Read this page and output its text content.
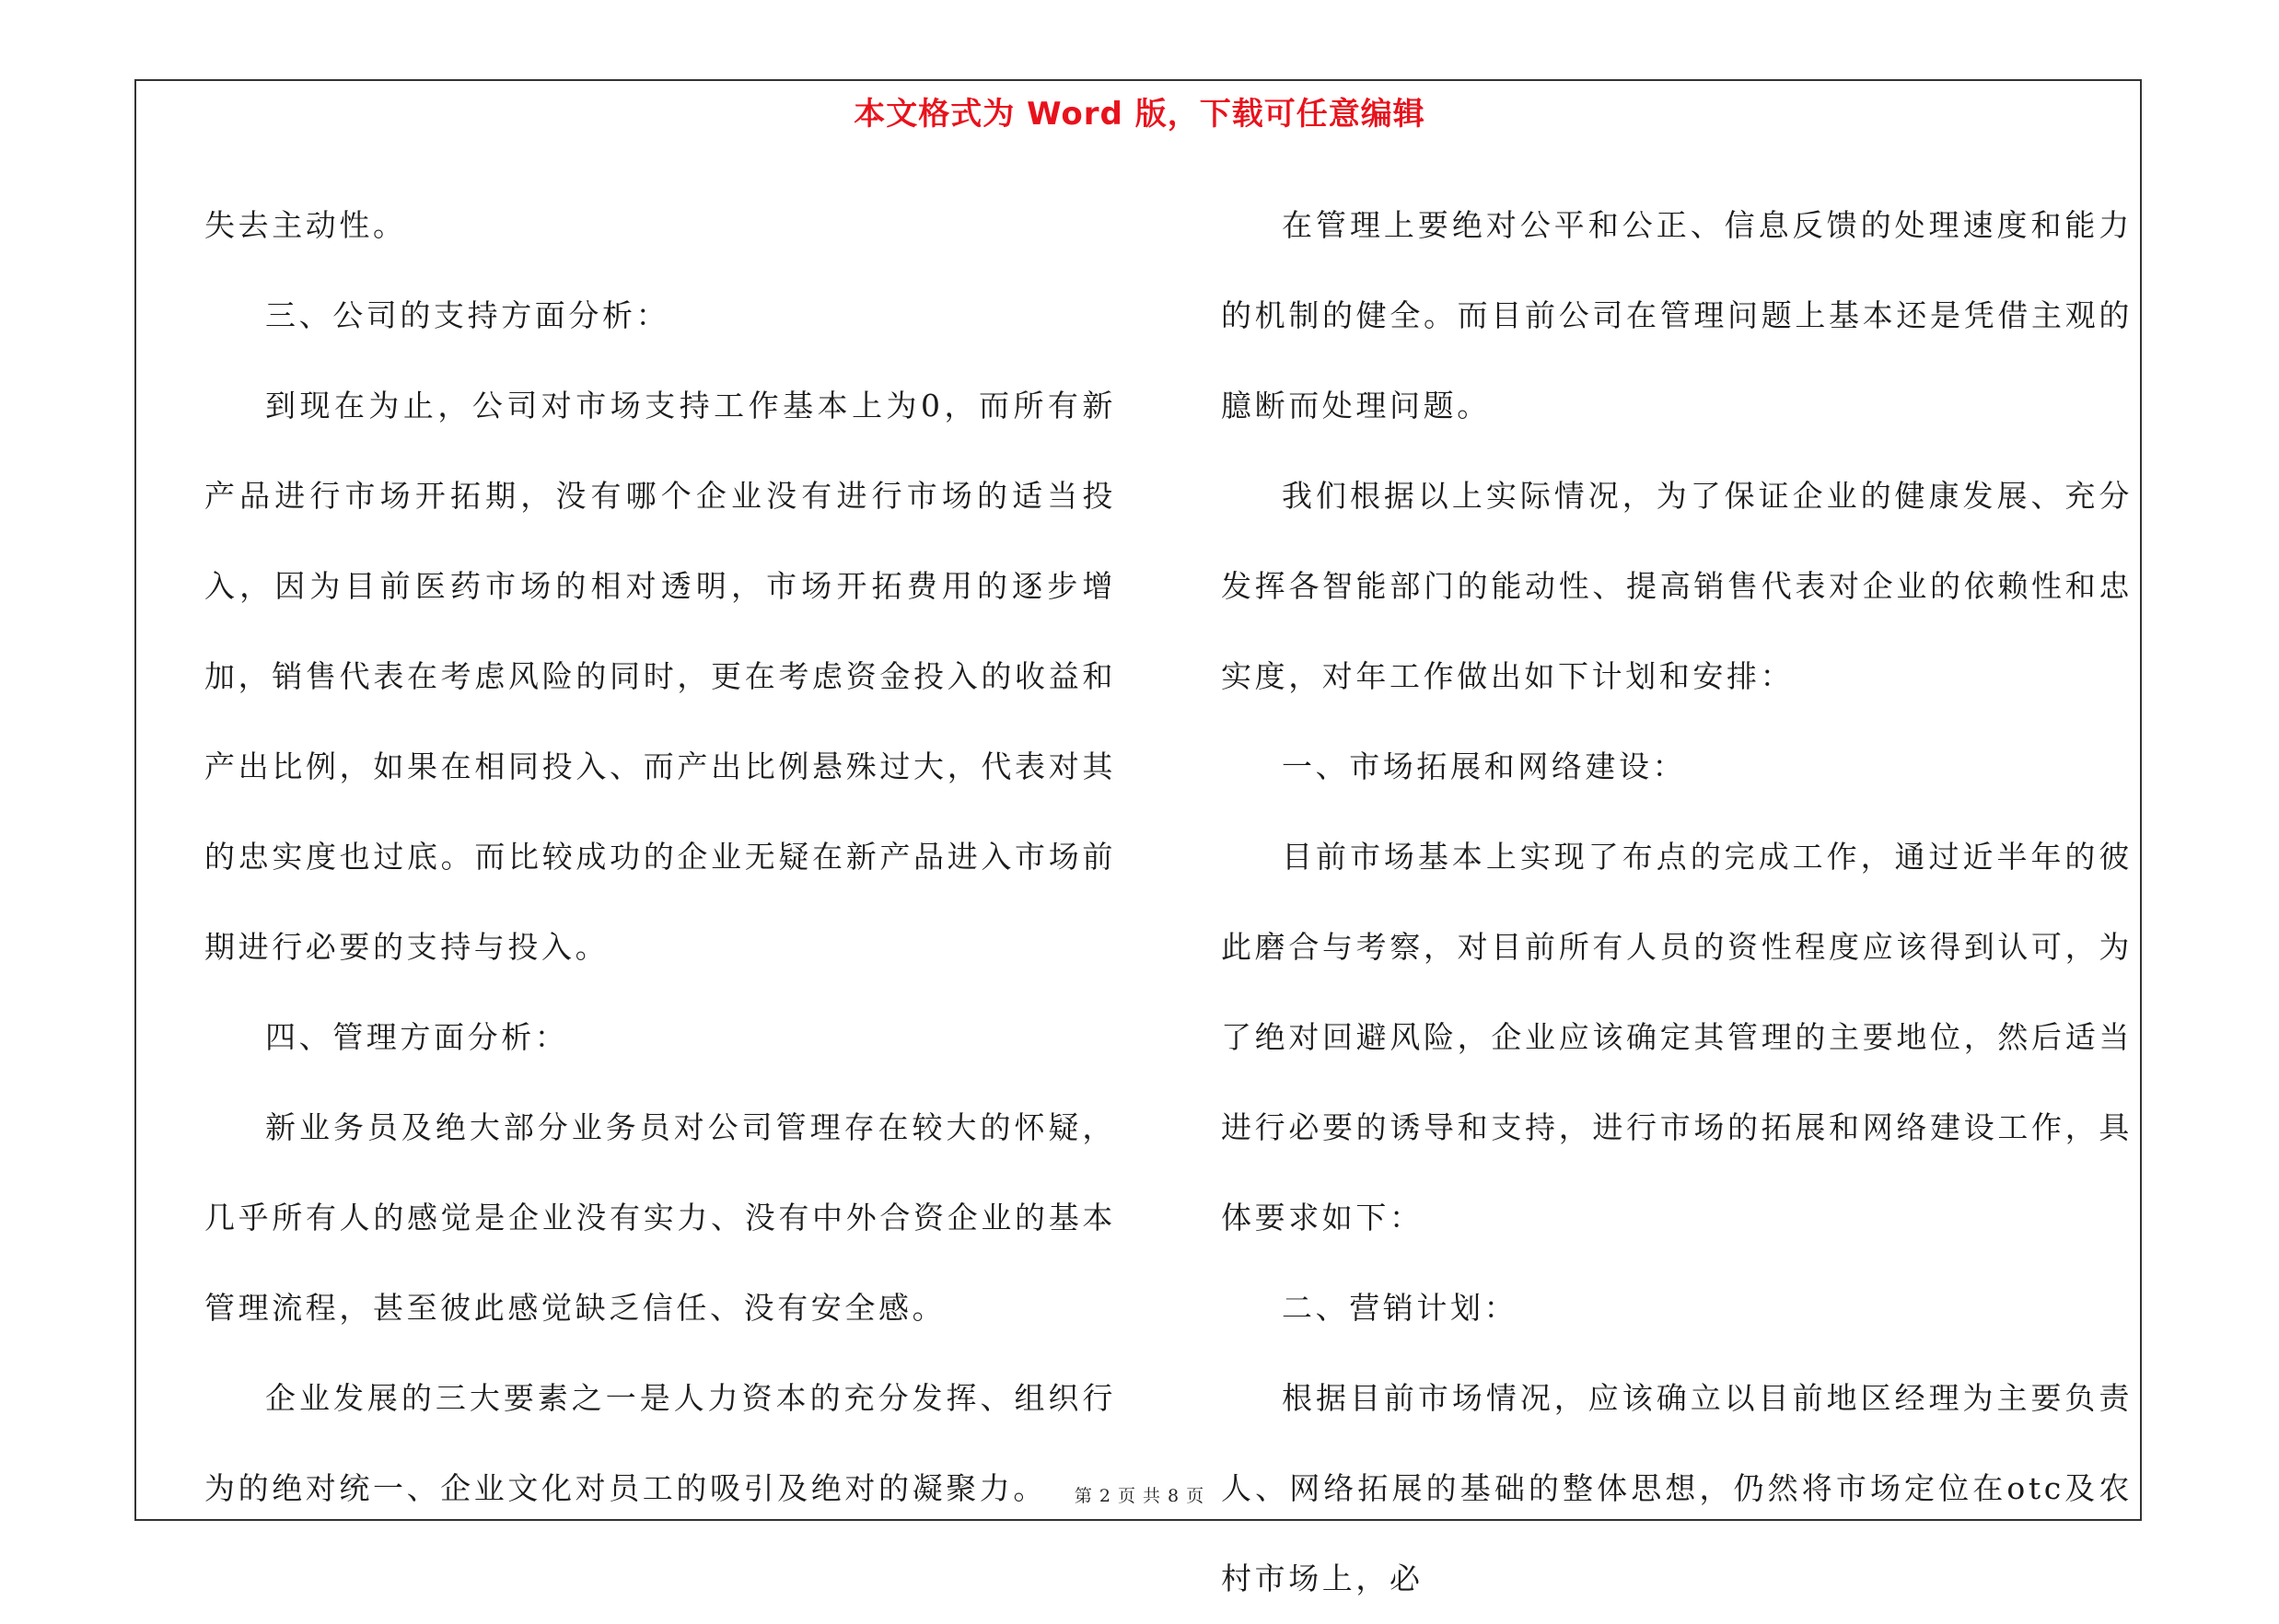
本文格式为 Word 版，下载可任意编辑

失去主动性。

三、公司的支持方面分析：

到现在为止，公司对市场支持工作基本上为0，而所有新产品进行市场开拓期，没有哪个企业没有进行市场的适当投入，因为目前医药市场的相对透明，市场开拓费用的逐步增加，销售代表在考虑风险的同时，更在考虑资金投入的收益和产出比例，如果在相同投入、而产出比例悬殊过大，代表对其的忠实度也过底。而比较成功的企业无疑在新产品进入市场前期进行必要的支持与投入。

四、管理方面分析：

新业务员及绝大部分业务员对公司管理存在较大的怀疑，几乎所有人的感觉是企业没有实力、没有中外合资企业的基本管理流程，甚至彼此感觉缺乏信任、没有安全感。

企业发展的三大要素之一是人力资本的充分发挥、组织行为的绝对统一、企业文化对员工的吸引及绝对的凝聚力。

在管理上要绝对公平和公正、信息反馈的处理速度和能力的机制的健全。而目前公司在管理问题上基本还是凭借主观的臆断而处理问题。

我们根据以上实际情况，为了保证企业的健康发展、充分发挥各智能部门的能动性、提高销售代表对企业的依赖性和忠实度，对年工作做出如下计划和安排：

一、市场拓展和网络建设：

目前市场基本上实现了布点的完成工作，通过近半年的彼此磨合与考察，对目前所有人员的资性程度应该得到认可，为了绝对回避风险，企业应该确定其管理的主要地位，然后适当进行必要的诱导和支持，进行市场的拓展和网络建设工作，具体要求如下：

二、营销计划：

根据目前市场情况，应该确立以目前地区经理为主要负责人、网络拓展的基础的整体思想，仍然将市场定位在otc及农村市场上，必

第 2 页 共 8 页
